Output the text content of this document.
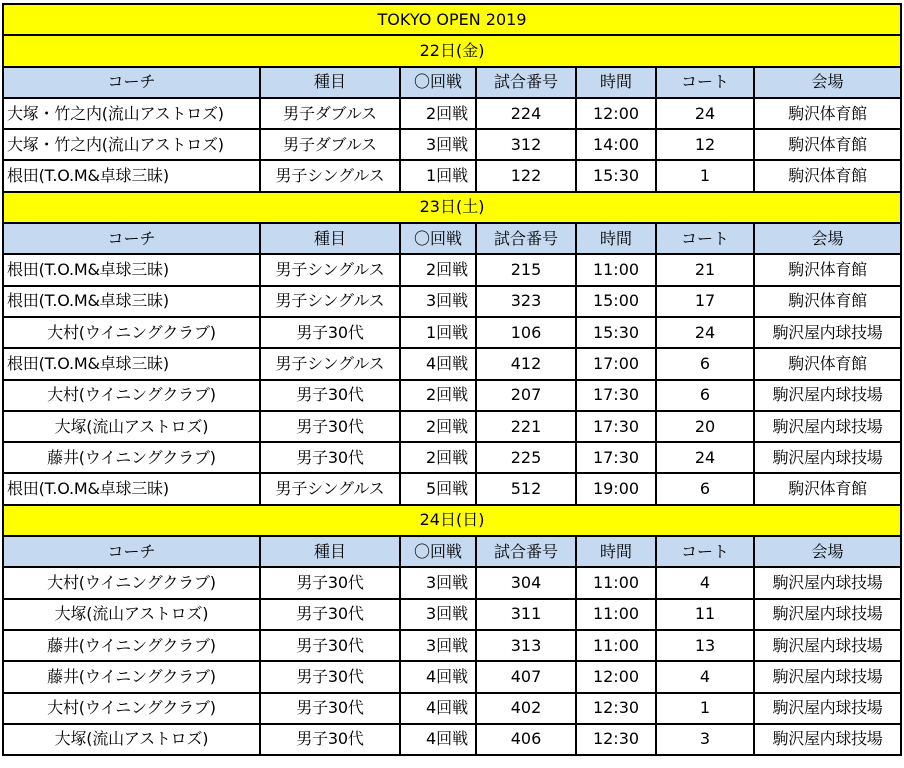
TOKYO OPEN 2019						
22日(金)						
コーチ	種目	〇回戦	試合番号	時間	コート	会場
大塚・竹之内(流山アストロズ)	男子ダブルス	2回戦	224	12:00	24	駒沢体育館
大塚・竹之内(流山アストロズ)	男子ダブルス	3回戦	312	14:00	12	駒沢体育館
根田(T.O.M&卓球三昧)	男子シングルス	1回戦	122	15:30	1	駒沢体育館
23日(土)						
コーチ	種目	〇回戦	試合番号	時間	コート	会場
根田(T.O.M&卓球三昧)	男子シングルス	2回戦	215	11:00	21	駒沢体育館
根田(T.O.M&卓球三昧)	男子シングルス	3回戦	323	15:00	17	駒沢体育館
大村(ウイニングクラブ)	男子30代	1回戦	106	15:30	24	駒沢屋内球技場
根田(T.O.M&卓球三昧)	男子シングルス	4回戦	412	17:00	6	駒沢体育館
大村(ウイニングクラブ)	男子30代	2回戦	207	17:30	6	駒沢屋内球技場
大塚(流山アストロズ)	男子30代	2回戦	221	17:30	20	駒沢屋内球技場
藤井(ウイニングクラブ)	男子30代	2回戦	225	17:30	24	駒沢屋内球技場
根田(T.O.M&卓球三昧)	男子シングルス	5回戦	512	19:00	6	駒沢体育館
24日(日)						
コーチ	種目	〇回戦	試合番号	時間	コート	会場
大村(ウイニングクラブ)	男子30代	3回戦	304	11:00	4	駒沢屋内球技場
大塚(流山アストロズ)	男子30代	3回戦	311	11:00	11	駒沢屋内球技場
藤井(ウイニングクラブ)	男子30代	3回戦	313	11:00	13	駒沢屋内球技場
藤井(ウイニングクラブ)	男子30代	4回戦	407	12:00	4	駒沢屋内球技場
大村(ウイニングクラブ)	男子30代	4回戦	402	12:30	1	駒沢屋内球技場
大塚(流山アストロズ)	男子30代	4回戦	406	12:30	3	駒沢屋内球技場
